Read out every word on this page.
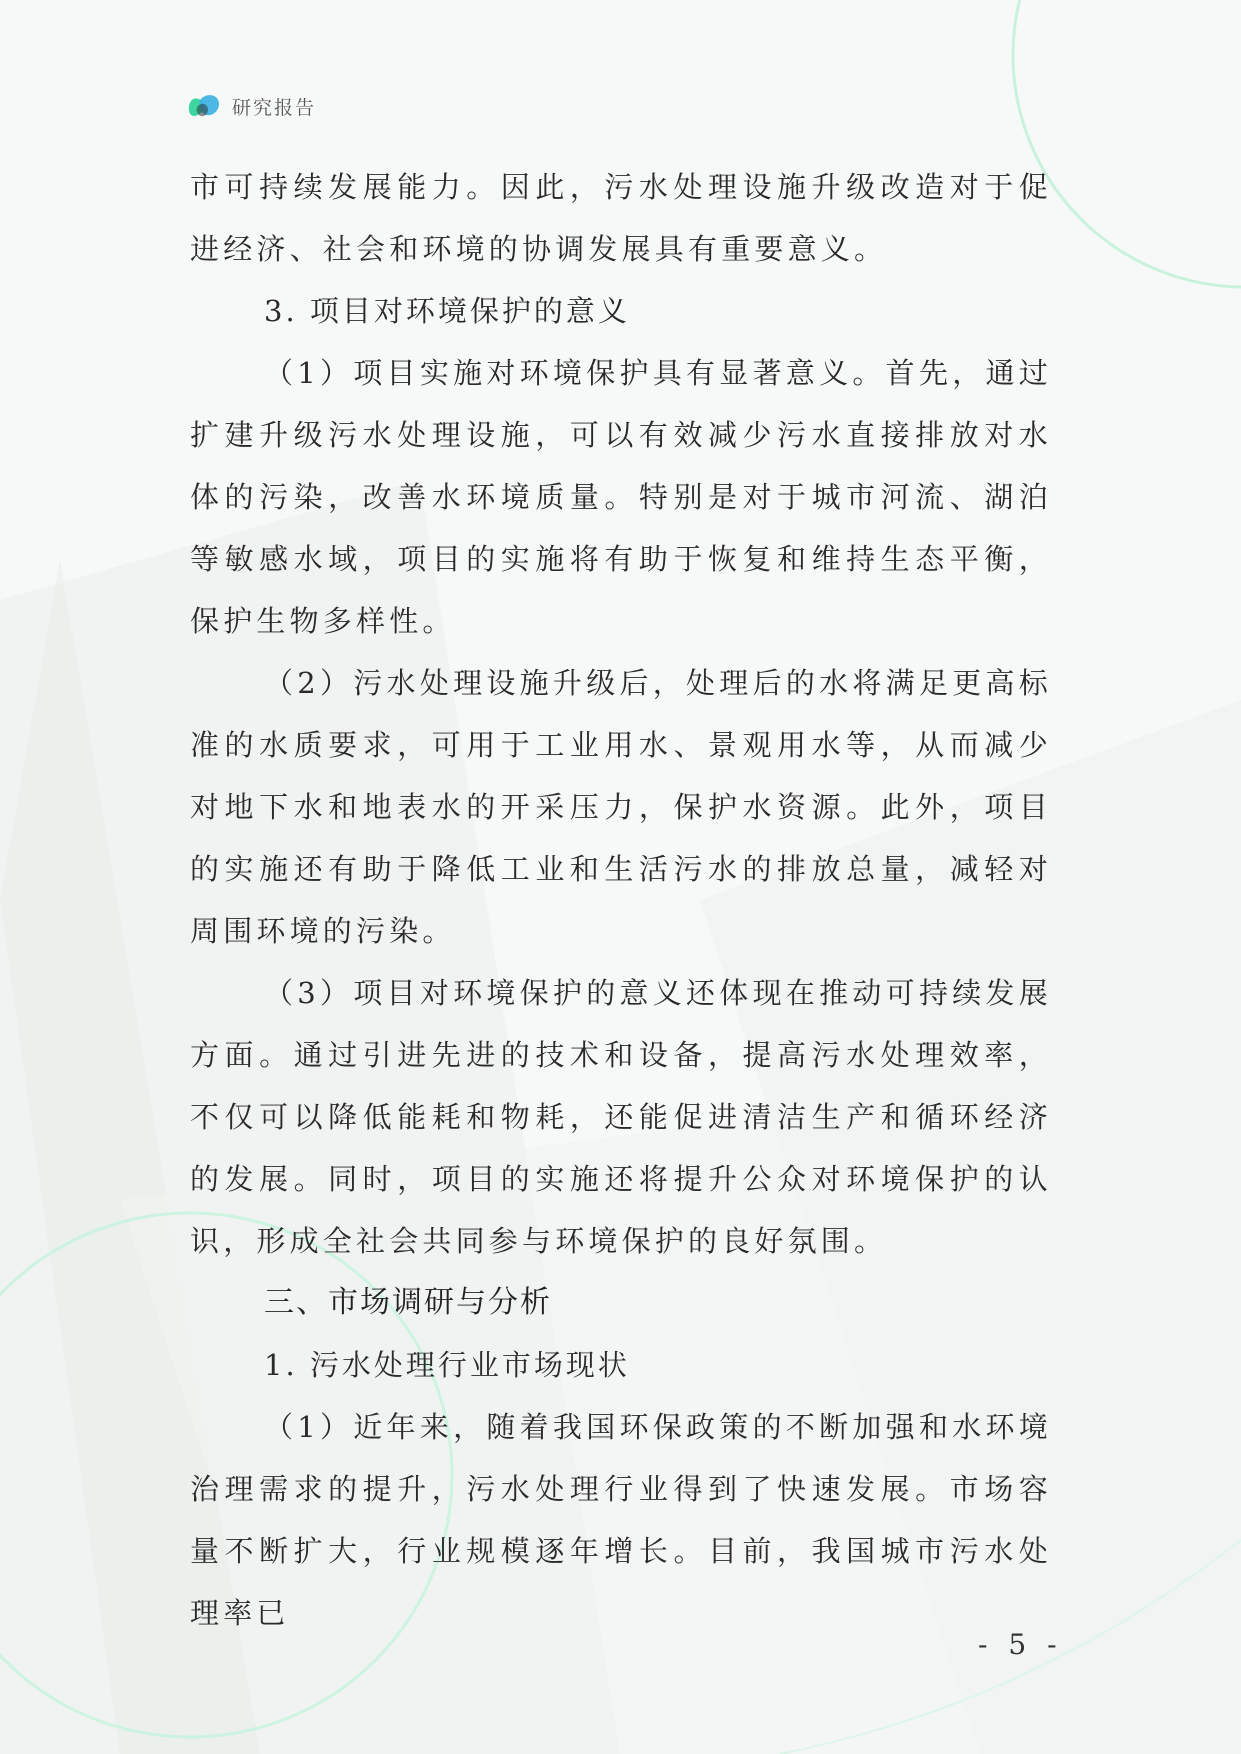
研究报告

市可持续发展能力。因此，污水处理设施升级改造对于促进经济、社会和环境的协调发展具有重要意义。

3. 项目对环境保护的意义

（1）项目实施对环境保护具有显著意义。首先，通过扩建升级污水处理设施，可以有效减少污水直接排放对水体的污染，改善水环境质量。特别是对于城市河流、湖泊等敏感水域，项目的实施将有助于恢复和维持生态平衡，保护生物多样性。

（2）污水处理设施升级后，处理后的水将满足更高标准的水质要求，可用于工业用水、景观用水等，从而减少对地下水和地表水的开采压力，保护水资源。此外，项目的实施还有助于降低工业和生活污水的排放总量，减轻对周围环境的污染。

（3）项目对环境保护的意义还体现在推动可持续发展方面。通过引进先进的技术和设备，提高污水处理效率，不仅可以降低能耗和物耗，还能促进清洁生产和循环经济的发展。同时，项目的实施还将提升公众对环境保护的认识，形成全社会共同参与环境保护的良好氛围。

三、市场调研与分析

1. 污水处理行业市场现状

（1）近年来，随着我国环保政策的不断加强和水环境治理需求的提升，污水处理行业得到了快速发展。市场容量不断扩大，行业规模逐年增长。目前，我国城市污水处理率已

- 5 -
